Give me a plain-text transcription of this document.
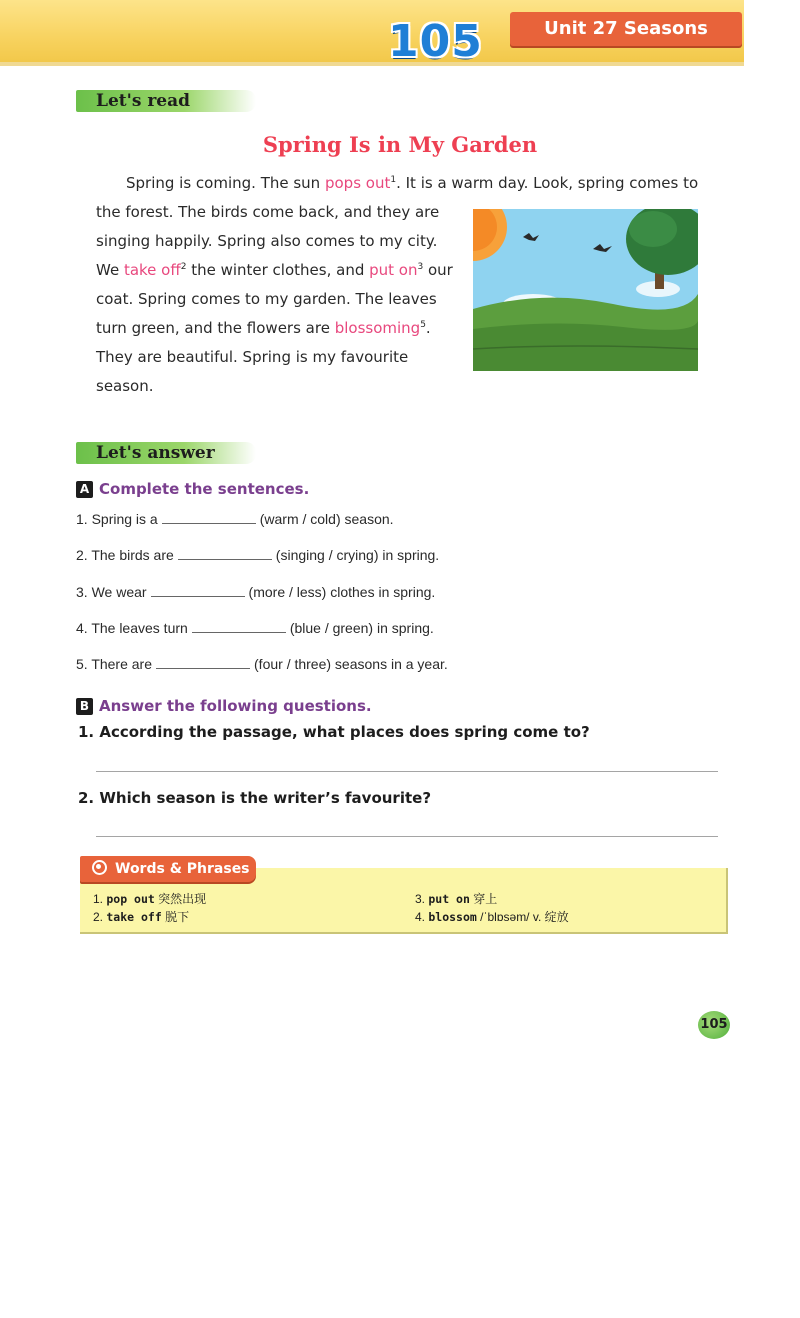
105	Unit 27 Seasons
Let's read
Spring Is in My Garden
Spring is coming. The sun pops out$^1$. It is a warm day. Look, spring comes to
the forest. The birds come back, and they are
singing happily. Spring also comes to my city.
We take off$^2$ the winter clothes, and put $on^3$ our
coat. Spring comes to my garden. The leaves
turn green, and the flowers are blossoming$^5$.
They are beautiful. Spring is my favourite
season.
Let's answer
A Complete the sentences.
1. Spring is a	(warm / cold) season.
2. The birds are	(singing / crying) in spring.
3. We wear	(more / less) clothes in spring.
4. The leaves turn	(blue / green) in spring.
5. There are	(four / three) seasons in a year.
B Answer the following questions.
1. According the passage, what places does spring come to?
2. Which season is the writer’s favourite?
Words & Phrases
1. pop out 突然出现
2. take off 脱下
3. put on 穿上
4. blossom /ˈblɒsəm/ v. 绽放
105
